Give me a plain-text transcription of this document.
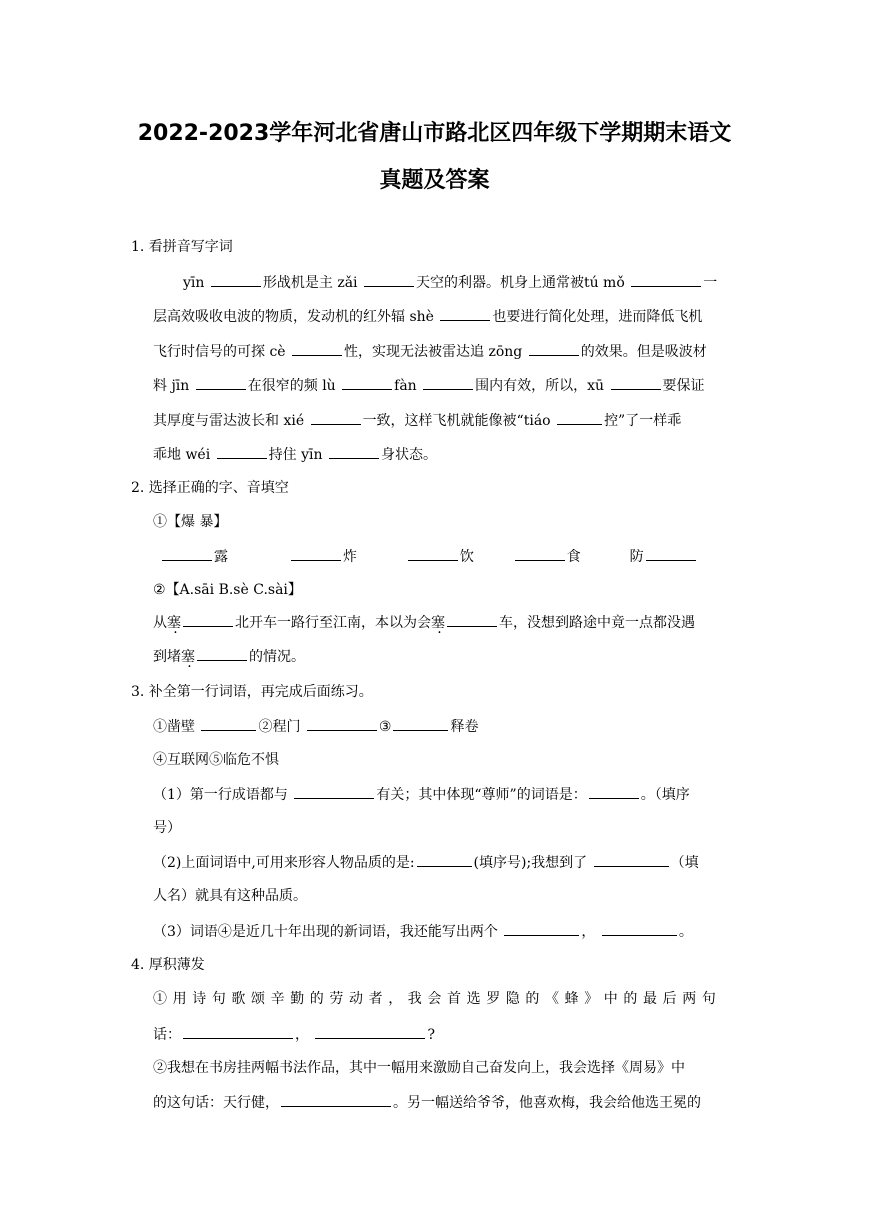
2022-2023学年河北省唐山市路北区四年级下学期期末语文
真题及答案
1. 看拼音写字词
yīn	形战机是主 zǎi	天空的利器。机身上通常被tú mǒ	一
层高效吸收电波的物质，发动机的红外辐 shè	也要进行简化处理，进而降低飞机
飞行时信号的可探 cè	性，实现无法被雷达追 zōng	的效果。但是吸波材
料 jīn	在很窄的频 lù	fàn	围内有效，所以，xū	要保证
其厚度与雷达波长和 xié	一致，这样飞机就能像被“tiáo	控”了一样乖
乖地 wéi	持住 yīn	身状态。
2. 选择正确的字、音填空
①【爆 暴】
露	炸	饮	食	防
②【A.sāi B.sè C.sài】
从塞	北开车一路行至江南，本以为会塞	车，没想到路途中竟一点都没遇
到堵塞	的情况。
3. 补全第一行词语，再完成后面练习。
①凿壁	②程门	③	释卷
④互联网⑤临危不惧
（1）第一行成语都与	有关；其中体现“尊师”的词语是：	。（填序
号）
（2)上面词语中,可用来形容人物品质的是:	(填序号);我想到了	（填
人名）就具有这种品质。
（3）词语④是近几十年出现的新词语，我还能写出两个	，	。
4. 厚积薄发
①用诗句歌颂辛勤的劳动者，我会首选罗隐的《蜂》中的最后两句
话：	，	?
②我想在书房挂两幅书法作品，其中一幅用来激励自己奋发向上，我会选择《周易》中
的这句话：天行健，	。另一幅送给爷爷，他喜欢梅，我会给他选王冕的
